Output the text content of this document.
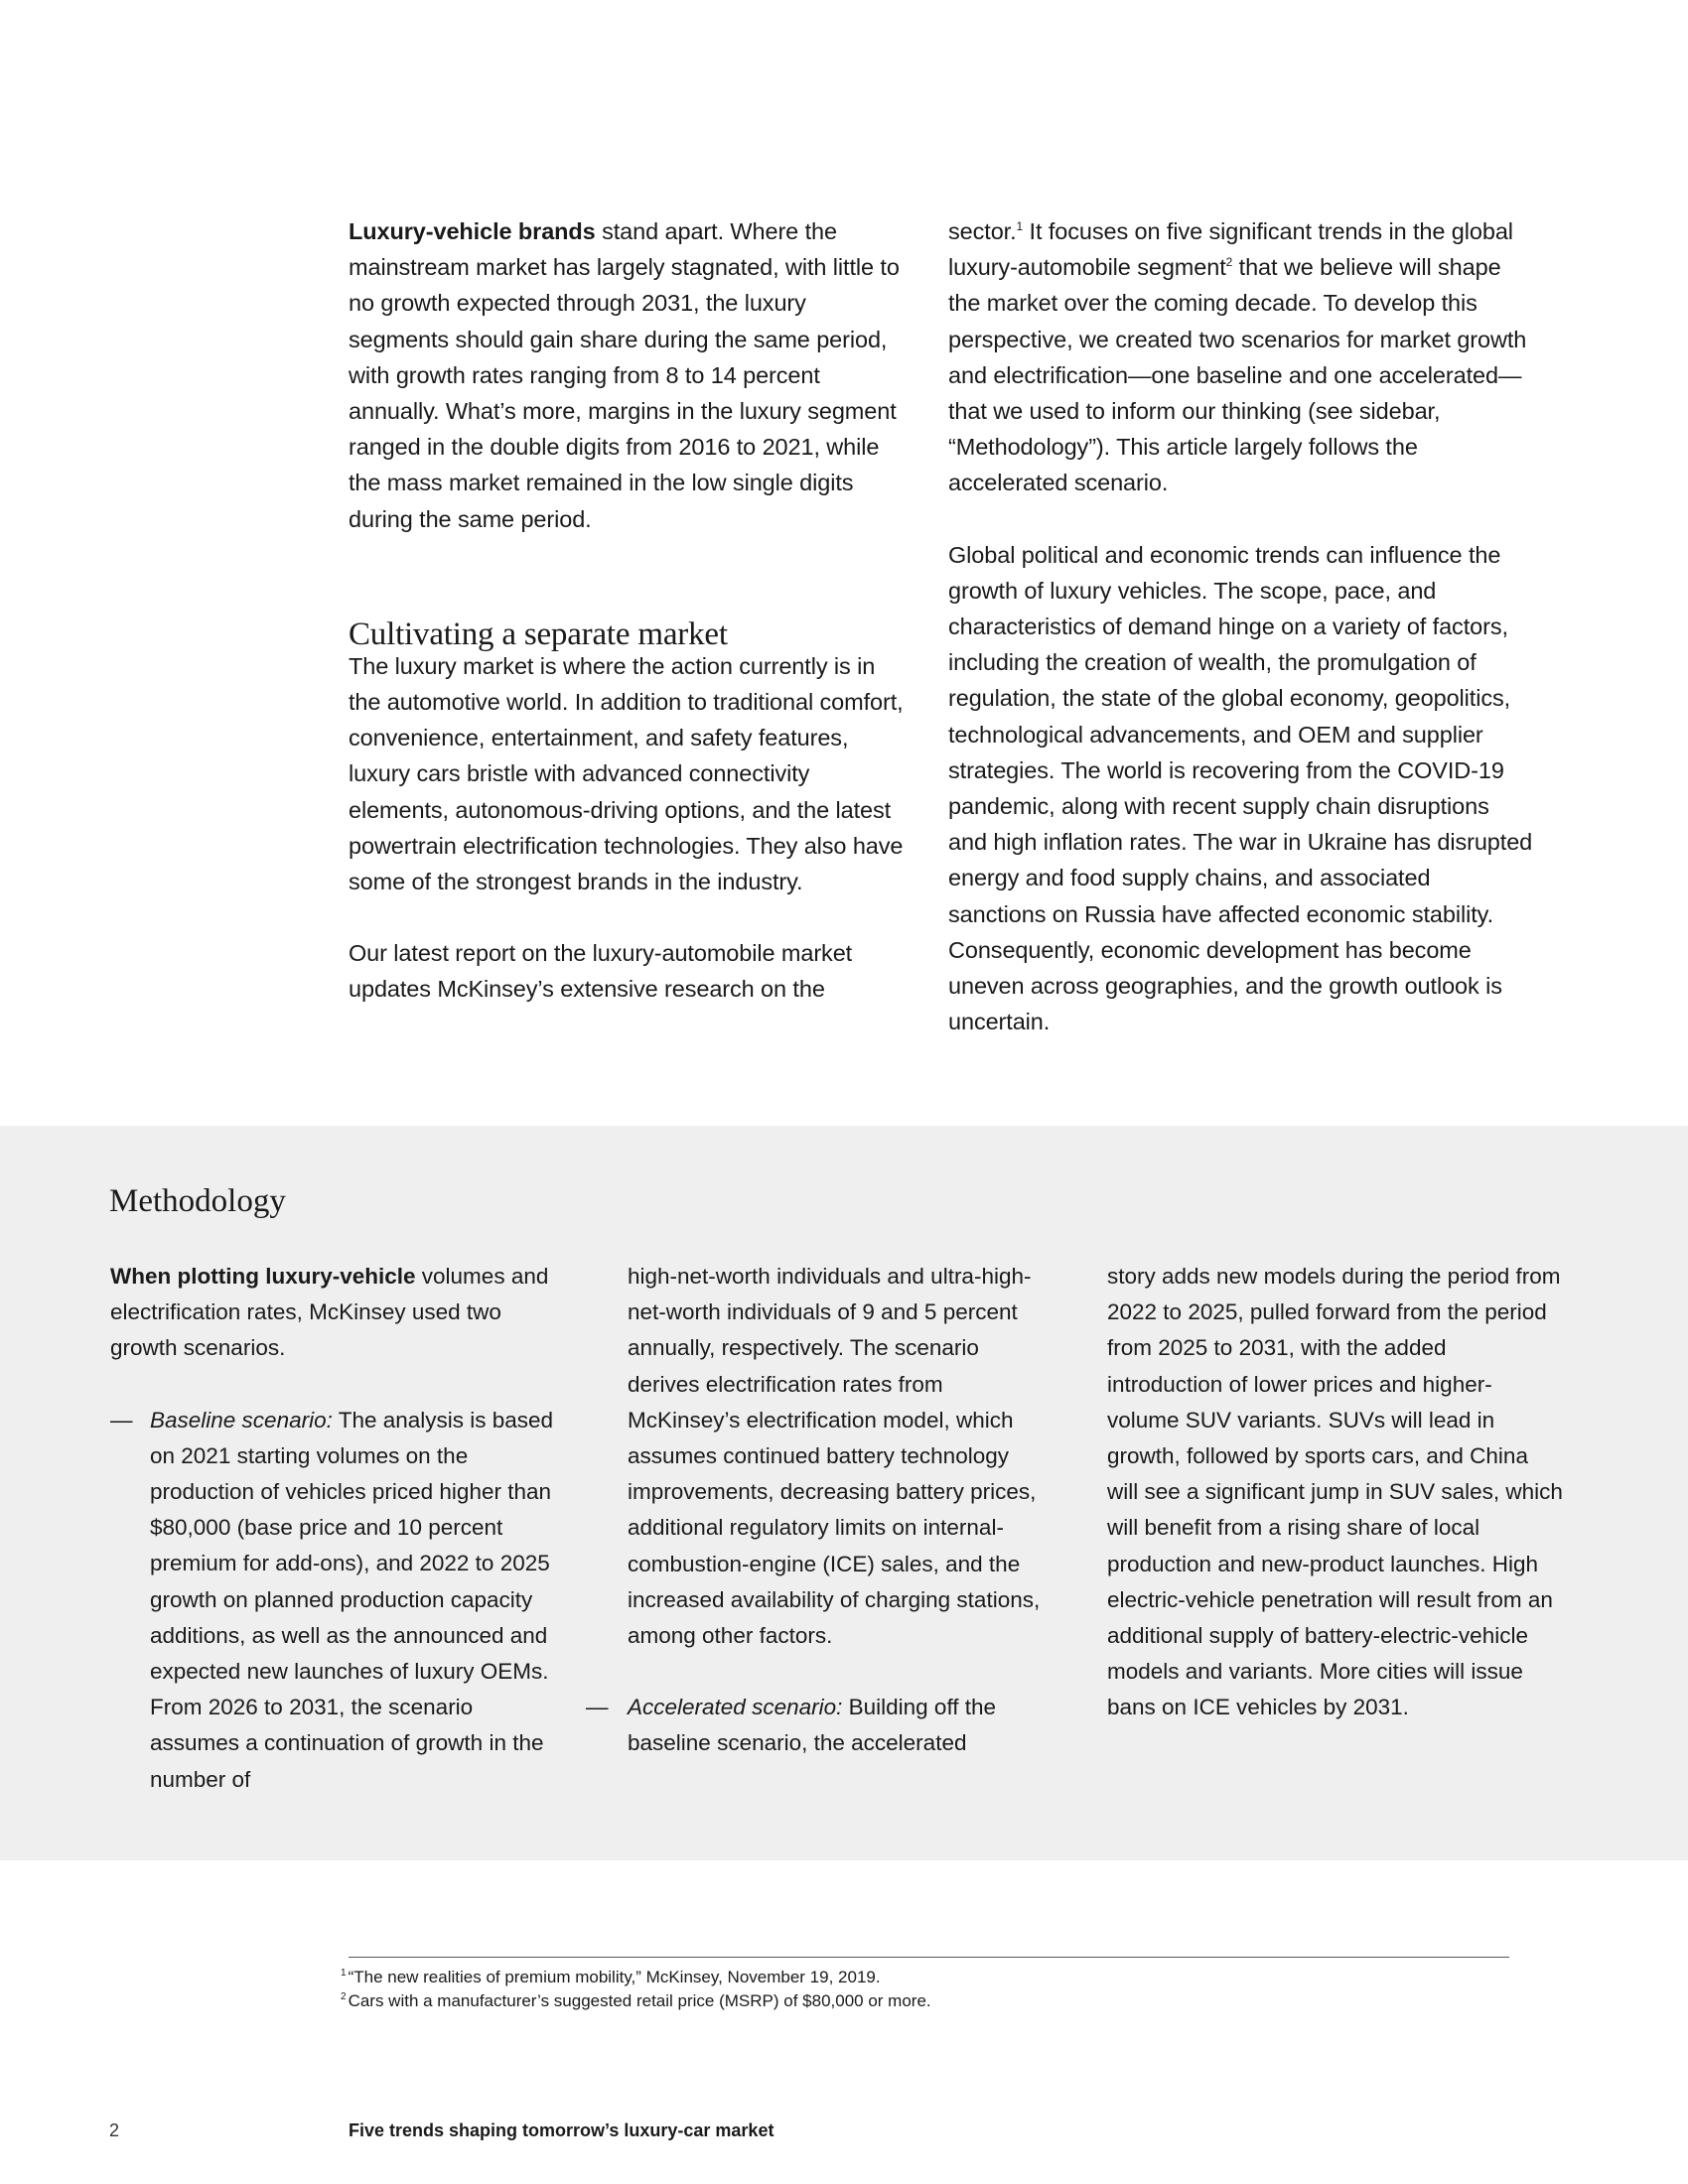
Luxury-vehicle brands stand apart. Where the mainstream market has largely stagnated, with little to no growth expected through 2031, the luxury segments should gain share during the same period, with growth rates ranging from 8 to 14 percent annually. What’s more, margins in the luxury segment ranged in the double digits from 2016 to 2021, while the mass market remained in the low single digits during the same period.

Cultivating a separate market

The luxury market is where the action currently is in the automotive world. In addition to traditional comfort, convenience, entertainment, and safety features, luxury cars bristle with advanced connectivity elements, autonomous-driving options, and the latest powertrain electrification technologies. They also have some of the strongest brands in the industry.

Our latest report on the luxury-automobile market updates McKinsey’s extensive research on the

sector.$^1$ It focuses on five significant trends in the global luxury-automobile segment$^2$ that we believe will shape the market over the coming decade. To develop this perspective, we created two scenarios for market growth and electrification—one baseline and one accelerated—that we used to inform our thinking (see sidebar, “Methodology”). This article largely follows the accelerated scenario.

Global political and economic trends can influence the growth of luxury vehicles. The scope, pace, and characteristics of demand hinge on a variety of factors, including the creation of wealth, the promulgation of regulation, the state of the global economy, geopolitics, technological advancements, and OEM and supplier strategies. The world is recovering from the COVID-19 pandemic, along with recent supply chain disruptions and high inflation rates. The war in Ukraine has disrupted energy and food supply chains, and associated sanctions on Russia have affected economic stability. Consequently, economic development has become uneven across geographies, and the growth outlook is uncertain.

Methodology

When plotting luxury-vehicle volumes and electrification rates, McKinsey used two growth scenarios.

— Baseline scenario: The analysis is based on 2021 starting volumes on the production of vehicles priced higher than $80,000 (base price and 10 percent premium for add-ons), and 2022 to 2025 growth on planned production capacity additions, as well as the announced and expected new launches of luxury OEMs. From 2026 to 2031, the scenario assumes a continuation of growth in the number of

high-net-worth individuals and ultra-high-net-worth individuals of 9 and 5 percent annually, respectively. The scenario derives electrification rates from McKinsey’s electrification model, which assumes continued battery technology improvements, decreasing battery prices, additional regulatory limits on internal-combustion-engine (ICE) sales, and the increased availability of charging stations, among other factors.

— Accelerated scenario: Building off the baseline scenario, the accelerated

story adds new models during the period from 2022 to 2025, pulled forward from the period from 2025 to 2031, with the added introduction of lower prices and higher-volume SUV variants. SUVs will lead in growth, followed by sports cars, and China will see a significant jump in SUV sales, which will benefit from a rising share of local production and new-product launches. High electric-vehicle penetration will result from an additional supply of battery-electric-vehicle models and variants. More cities will issue bans on ICE vehicles by 2031.

$^1$ “The new realities of premium mobility,” McKinsey, November 19, 2019.

$^2$ Cars with a manufacturer’s suggested retail price (MSRP) of $80,000 or more.

2	Five trends shaping tomorrow’s luxury-car market
